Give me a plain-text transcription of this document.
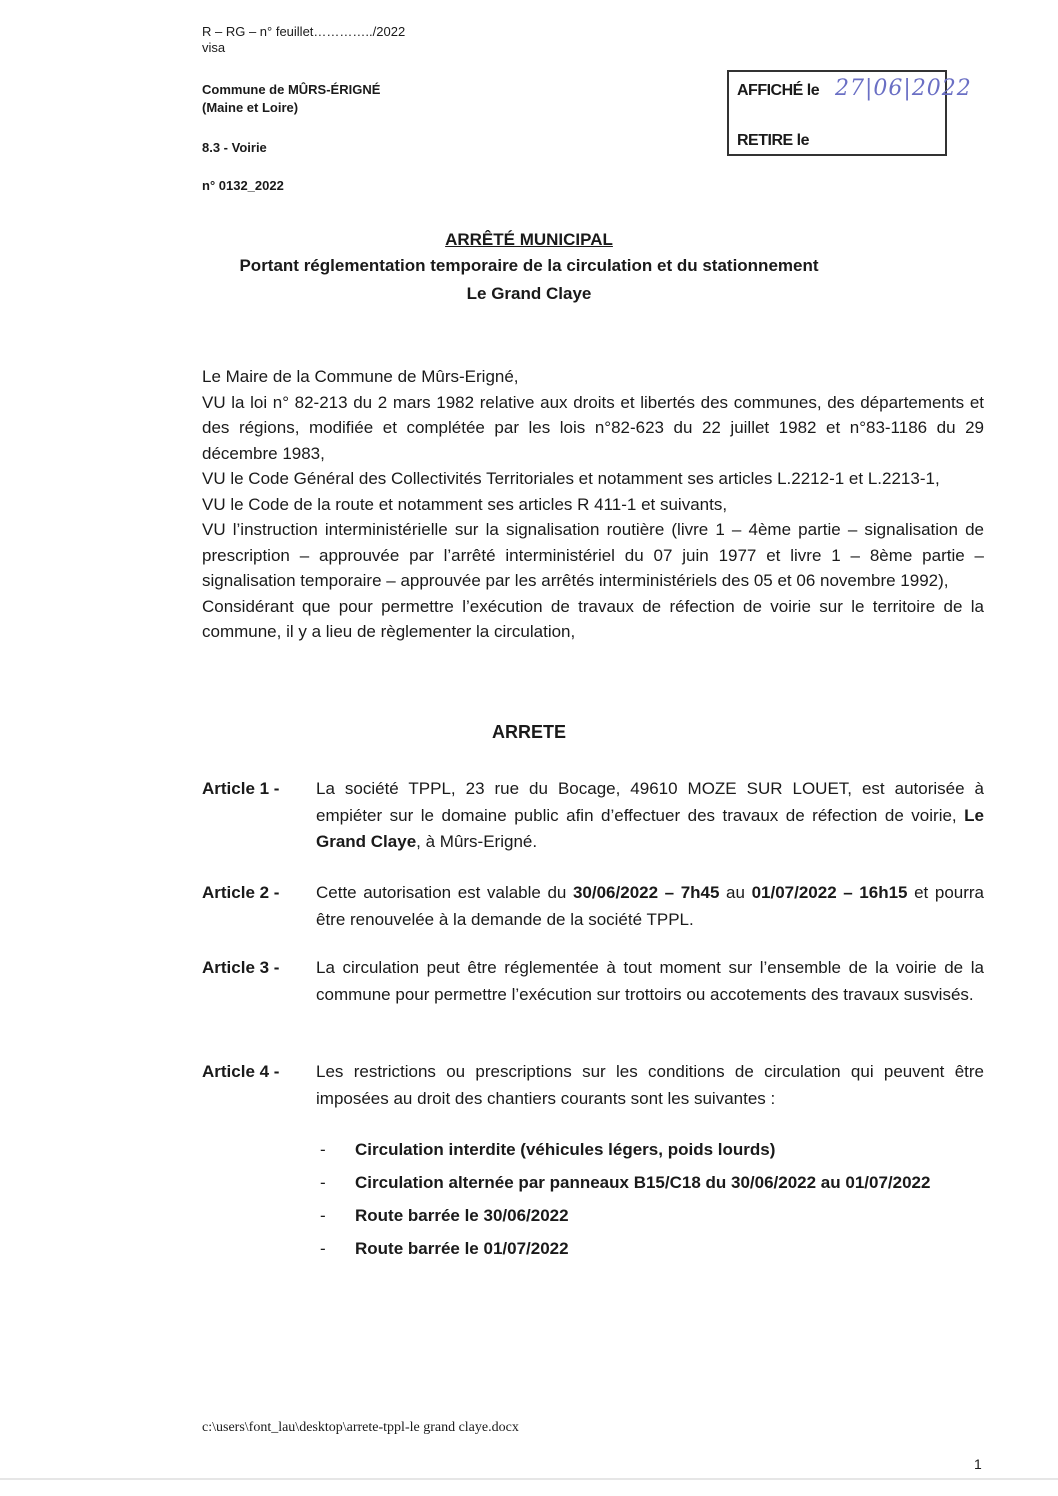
R – RG – n° feuillet…………../2022
visa
Commune de MÛRS-ÉRIGNÉ
(Maine et Loire)
8.3 - Voirie
n° 0132_2022
AFFICHÉ le 27|06|2022
RETIRE le
ARRÊTÉ MUNICIPAL
Portant réglementation temporaire de la circulation et du stationnement
Le Grand Claye

Le Maire de la Commune de Mûrs-Erigné,

VU la loi n° 82-213 du 2 mars 1982 relative aux droits et libertés des communes, des départements et des régions, modifiée et complétée par les lois n°82-623 du 22 juillet 1982 et n°83-1186 du 29 décembre 1983,

VU le Code Général des Collectivités Territoriales et notamment ses articles L.2212-1 et L.2213-1,

VU le Code de la route et notamment ses articles R 411-1 et suivants,

VU l’instruction interministérielle sur la signalisation routière (livre 1 – 4ème partie – signalisation de prescription – approuvée par l’arrêté interministériel du 07 juin 1977 et livre 1 – 8ème partie – signalisation temporaire – approuvée par les arrêtés interministériels des 05 et 06 novembre 1992),

Considérant que pour permettre l’exécution de travaux de réfection de voirie sur le territoire de la commune, il y a lieu de règlementer la circulation,

ARRETE
Article 1 -	La société TPPL, 23 rue du Bocage, 49610 MOZE SUR LOUET, est autorisée à empiéter sur le domaine public afin d’effectuer des travaux de réfection de voirie, Le Grand Claye, à Mûrs-Erigné.
Article 2 -	Cette autorisation est valable du 30/06/2022 – 7h45 au 01/07/2022 – 16h15 et pourra être renouvelée à la demande de la société TPPL.
Article 3 -	La circulation peut être réglementée à tout moment sur l’ensemble de la voirie de la commune pour permettre l’exécution sur trottoirs ou accotements des travaux susvisés.
Article 4 -	Les restrictions ou prescriptions sur les conditions de circulation qui peuvent être imposées au droit des chantiers courants sont les suivantes :
- Circulation interdite (véhicules légers, poids lourds)
- Circulation alternée par panneaux B15/C18 du 30/06/2022 au 01/07/2022
- Route barrée le 30/06/2022
- Route barrée le 01/07/2022
c:\users\font_lau\desktop\arrete-tppl-le grand claye.docx
1
